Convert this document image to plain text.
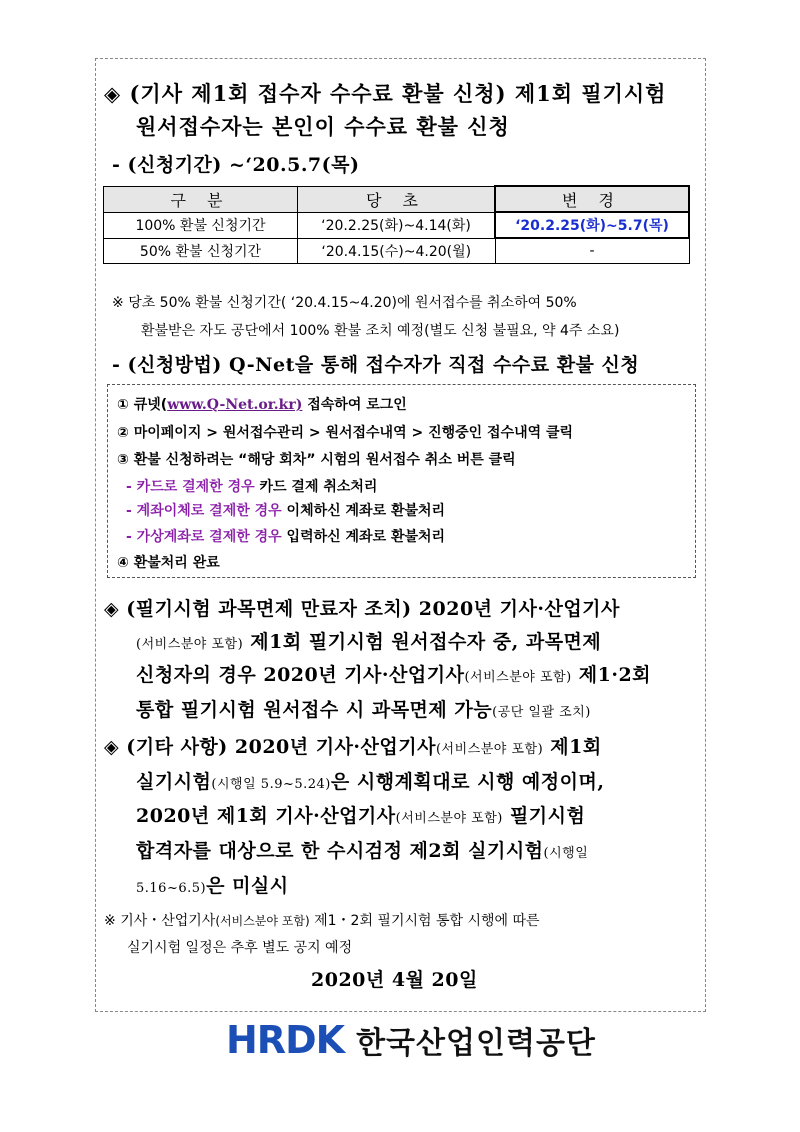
◈ (기사 제1회 접수자 수수료 환불 신청) 제1회 필기시험
원서접수자는 본인이 수수료 환불 신청
- (신청기간) ~‘20.5.7(목)
구 분	당 초	변 경
100% 환불 신청기간	‘20.2.25(화)~4.14(화)	‘20.2.25(화)~5.7(목)
50% 환불 신청기간	‘20.4.15(수)~4.20(월)	-
※ 당초 50% 환불 신청기간( ‘20.4.15~4.20)에 원서접수를 취소하여 50%
환불받은 자도 공단에서 100% 환불 조치 예정(별도 신청 불필요, 약 4주 소요)
- (신청방법) Q-Net을 통해 접수자가 직접 수수료 환불 신청
① 큐넷(www.Q-Net.or.kr) 접속하여 로그인
② 마이페이지 > 원서접수관리 > 원서접수내역 > 진행중인 접수내역 클릭
③ 환불 신청하려는 “해당 회차” 시험의 원서접수 취소 버튼 클릭
- 카드로 결제한 경우 카드 결제 취소처리
- 계좌이체로 결제한 경우 이체하신 계좌로 환불처리
- 가상계좌로 결제한 경우 입력하신 계좌로 환불처리
④ 환불처리 완료
◈ (필기시험 과목면제 만료자 조치) 2020년 기사·산업기사
(서비스분야 포함) 제1회 필기시험 원서접수자 중, 과목면제
신청자의 경우 2020년 기사·산업기사(서비스분야 포함) 제1·2회
통합 필기시험 원서접수 시 과목면제 가능(공단 일괄 조치)
◈ (기타 사항) 2020년 기사·산업기사(서비스분야 포함) 제1회
실기시험(시행일 5.9~5.24)은 시행계획대로 시행 예정이며,
2020년 제1회 기사·산업기사(서비스분야 포함) 필기시험
합격자를 대상으로 한 수시검정 제2회 실기시험(시행일
5.16~6.5)은 미실시
※ 기사・산업기사(서비스분야 포함) 제1・2회 필기시험 통합 시행에 따른
실기시험 일정은 추후 별도 공지 예정
2020년 4월 20일
HRDK 한국산업인력공단
